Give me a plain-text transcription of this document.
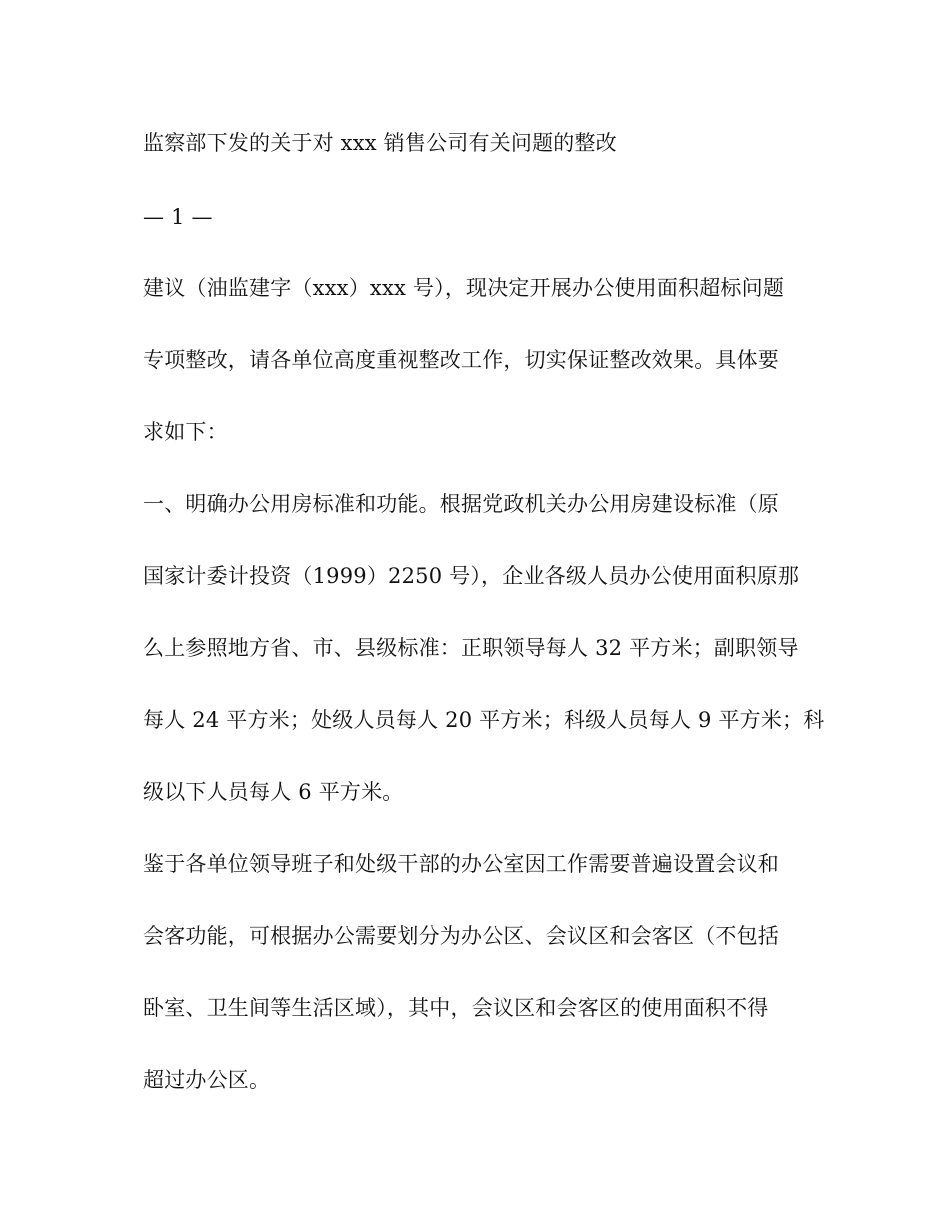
监察部下发的关于对 xxx 销售公司有关问题的整改

— 1 —

建议（油监建字（xxx）xxx 号），现决定开展办公使用面积超标问题

专项整改，请各单位高度重视整改工作，切实保证整改效果。具体要

求如下：

一、明确办公用房标准和功能。根据党政机关办公用房建设标准（原

国家计委计投资（1999）2250 号），企业各级人员办公使用面积原那

么上参照地方省、市、县级标准：正职领导每人 32 平方米；副职领导

每人 24 平方米；处级人员每人 20 平方米；科级人员每人 9 平方米；科

级以下人员每人 6 平方米。

鉴于各单位领导班子和处级干部的办公室因工作需要普遍设置会议和

会客功能，可根据办公需要划分为办公区、会议区和会客区（不包括

卧室、卫生间等生活区域），其中，会议区和会客区的使用面积不得

超过办公区。
